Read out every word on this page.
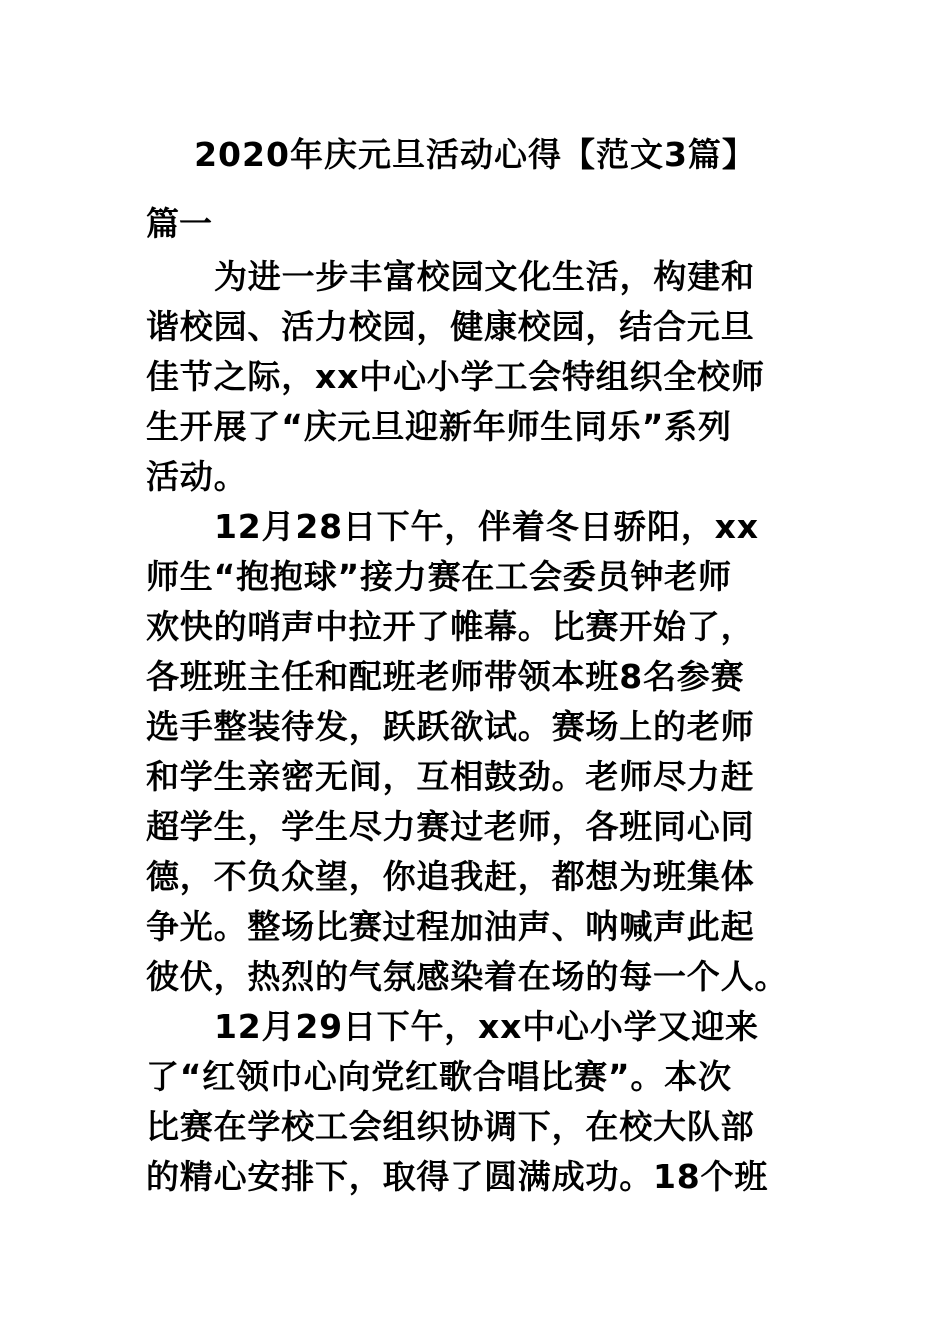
2020年庆元旦活动心得【范文3篇】
篇一
为进一步丰富校园文化生活，构建和
谐校园、活力校园，健康校园，结合元旦
佳节之际，xx中心小学工会特组织全校师
生开展了“庆元旦迎新年师生同乐”系列
活动。
12月28日下午，伴着冬日骄阳，xx
师生“抱抱球”接力赛在工会委员钟老师
欢快的哨声中拉开了帷幕。比赛开始了，
各班班主任和配班老师带领本班8名参赛
选手整装待发，跃跃欲试。赛场上的老师
和学生亲密无间，互相鼓劲。老师尽力赶
超学生，学生尽力赛过老师，各班同心同
德，不负众望，你追我赶，都想为班集体
争光。整场比赛过程加油声、呐喊声此起
彼伏，热烈的气氛感染着在场的每一个人。
12月29日下午，xx中心小学又迎来
了“红领巾心向党红歌合唱比赛”。本次
比赛在学校工会组织协调下，在校大队部
的精心安排下，取得了圆满成功。18个班
